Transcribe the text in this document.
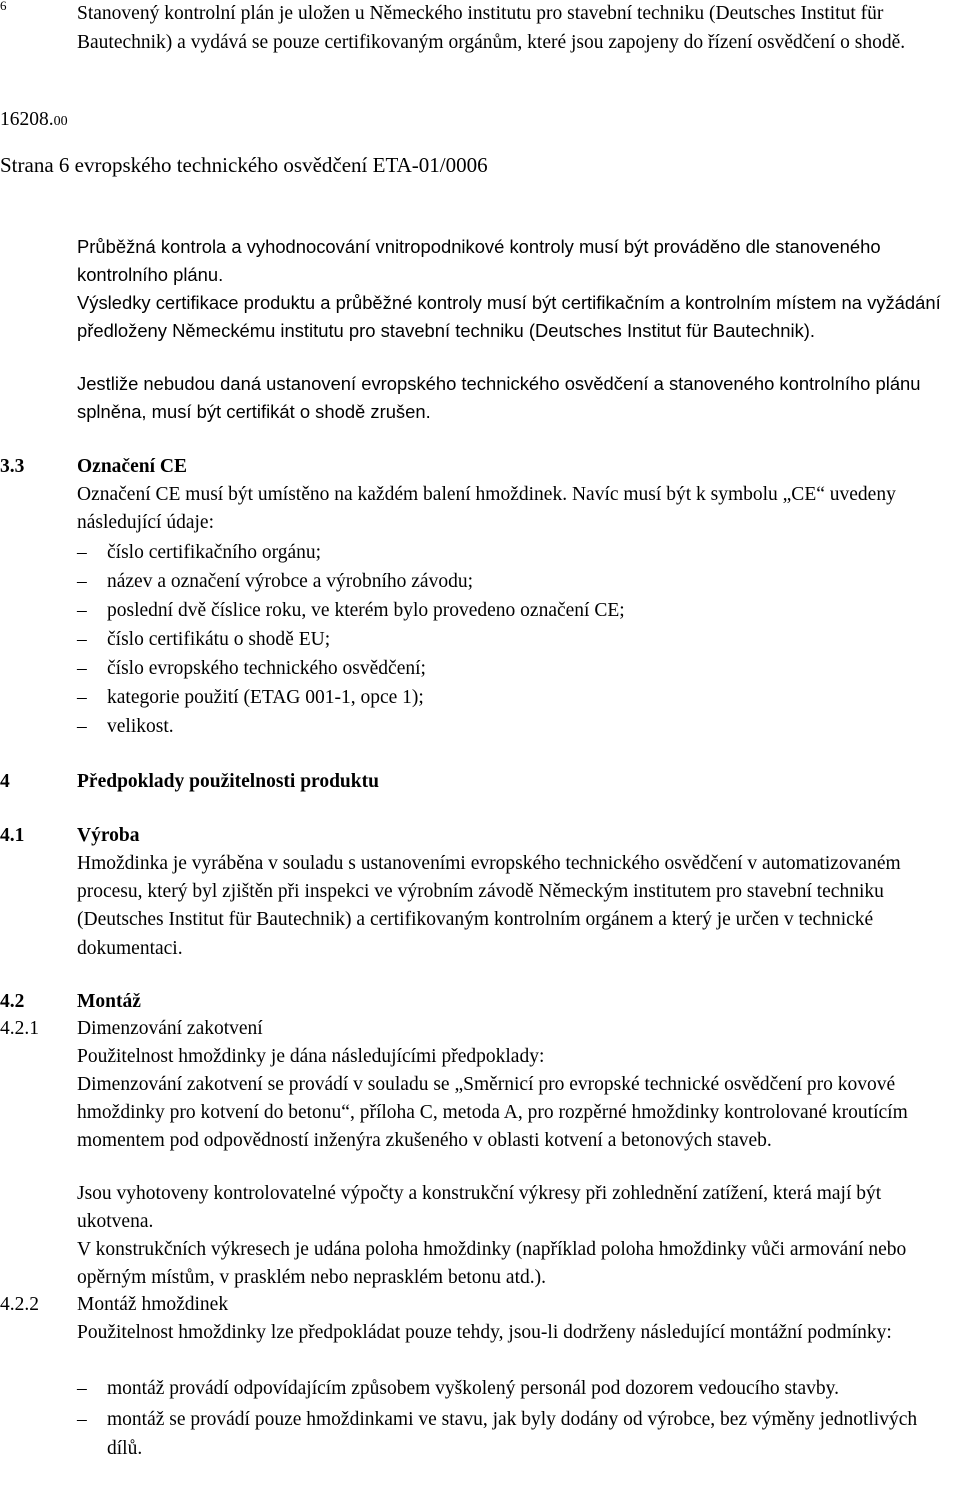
6	Stanovený kontrolní plán je uložen u Německého institutu pro stavební techniku (Deutsches Institut für Bautechnik) a vydává se pouze certifikovaným orgánům, které jsou zapojeny do řízení osvědčení o shodě.

16208.00
Strana 6 evropského technického osvědčení ETA-01/0006

Průběžná kontrola a vyhodnocování vnitropodnikové kontroly musí být prováděno dle stanoveného kontrolního plánu.

Výsledky certifikace produktu a průběžné kontroly musí být certifikačním a kontrolním místem na vyžádání předloženy Německému institutu pro stavební techniku (Deutsches Institut für Bautechnik).

Jestliže nebudou daná ustanovení evropského technického osvědčení a stanoveného kontrolního plánu splněna, musí být certifikát o shodě zrušen.

3.3	Označení CE

Označení CE musí být umístěno na každém balení hmoždinek. Navíc musí být k symbolu „CE“ uvedeny následující údaje:

– číslo certifikačního orgánu;
– název a označení výrobce a výrobního závodu;
– poslední dvě číslice roku, ve kterém bylo provedeno označení CE;
– číslo certifikátu o shodě EU;
– číslo evropského technického osvědčení;
– kategorie použití (ETAG 001-1, opce 1);
– velikost.
4	Předpoklady použitelnosti produktu
4.1	Výroba

Hmoždinka je vyráběna v souladu s ustanoveními evropského technického osvědčení v automatizovaném procesu, který byl zjištěn při inspekci ve výrobním závodě Německým institutem pro stavební techniku (Deutsches Institut für Bautechnik) a certifikovaným kontrolním orgánem a který je určen v technické dokumentaci.

4.2	Montáž
4.2.1 Dimenzování zakotvení

Použitelnost hmoždinky je dána následujícími předpoklady:

Dimenzování zakotvení se provádí v souladu se „Směrnicí pro evropské technické osvědčení pro kovové hmoždinky pro kotvení do betonu“, příloha C, metoda A, pro rozpěrné hmoždinky kontrolované kroutícím momentem pod odpovědností inženýra zkušeného v oblasti kotvení a betonových staveb.

Jsou vyhotoveny kontrolovatelné výpočty a konstrukční výkresy při zohlednění zatížení, která mají být ukotvena.

V konstrukčních výkresech je udána poloha hmoždinky (například poloha hmoždinky vůči armování nebo opěrným místům, v prasklém nebo neprasklém betonu atd.).

4.2.2 Montáž hmoždinek

Použitelnost hmoždinky lze předpokládat pouze tehdy, jsou-li dodrženy následující montážní podmínky:

– montáž provádí odpovídajícím způsobem vyškolený personál pod dozorem vedoucího stavby.
– montáž se provádí pouze hmoždinkami ve stavu, jak byly dodány od výrobce, bez výměny jednotlivých dílů.
